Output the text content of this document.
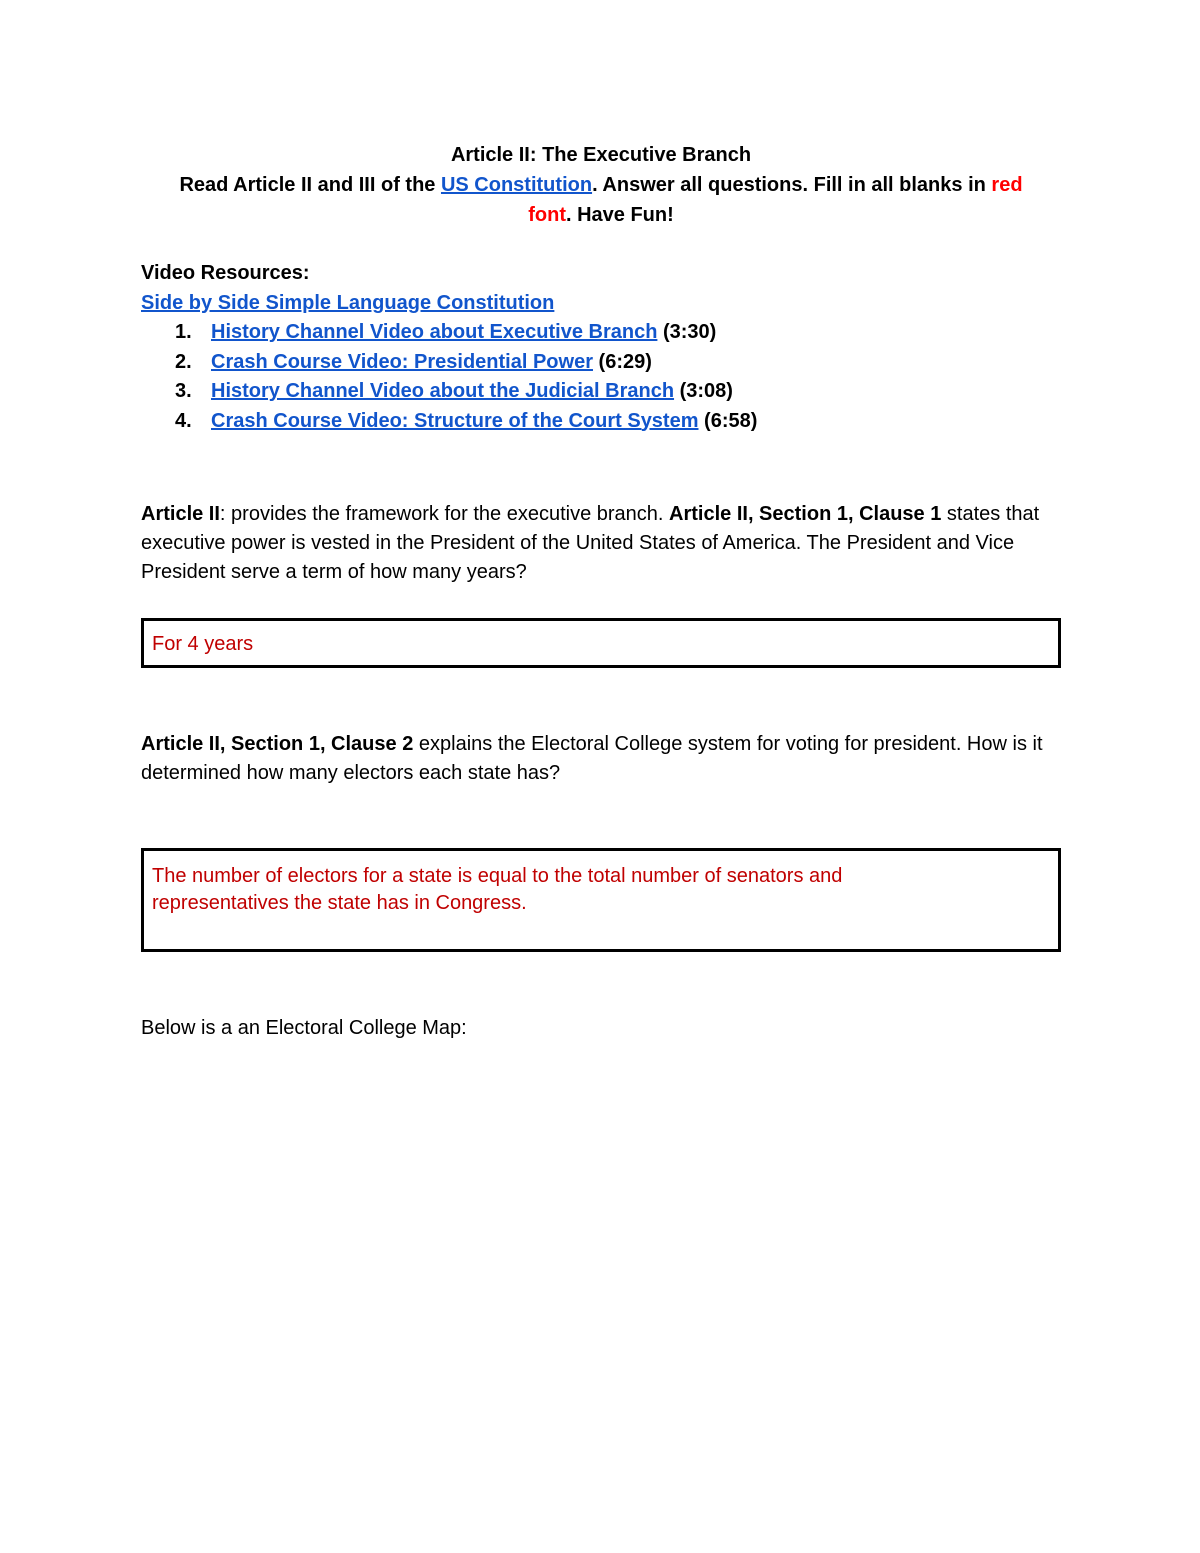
Article II: The Executive Branch

Read Article II and III of the US Constitution. Answer all questions. Fill in all blanks in red
font. Have Fun!

Video Resources:
Side by Side Simple Language Constitution
1. History Channel Video about Executive Branch (3:30)
2. Crash Course Video: Presidential Power (6:29)
3. History Channel Video about the Judicial Branch (3:08)
4. Crash Course Video: Structure of the Court System (6:58)

Article II: provides the framework for the executive branch. Article II, Section 1, Clause 1 states that executive power is vested in the President of the United States of America. The President and Vice President serve a term of how many years?

For 4 years

Article II, Section 1, Clause 2 explains the Electoral College system for voting for president. How is it determined how many electors each state has?

The number of electors for a state is equal to the total number of senators and representatives the state has in Congress.

Below is a an Electoral College Map:
